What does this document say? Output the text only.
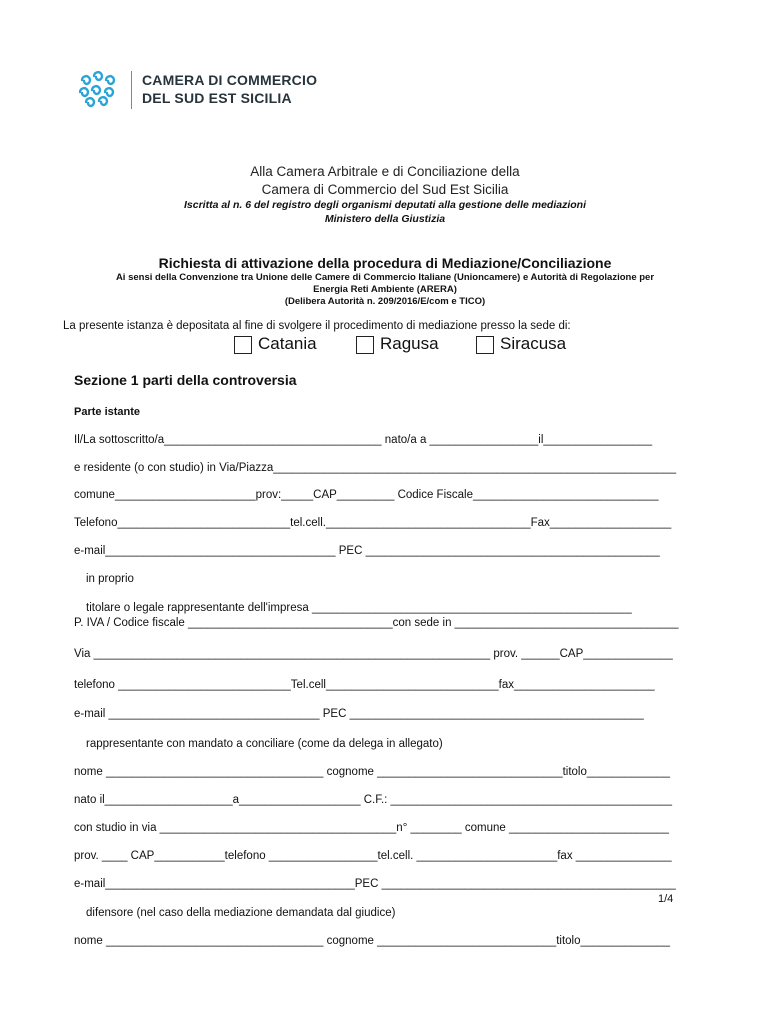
CAMERA DI COMMERCIO
DEL SUD EST SICILIA
Alla Camera Arbitrale e di Conciliazione della
Camera di Commercio del Sud Est Sicilia
Iscritta al n. 6 del registro degli organismi deputati alla gestione delle mediazioni
Ministero della Giustizia
Richiesta di attivazione della procedura di Mediazione/Conciliazione
Ai sensi della Convenzione tra Unione delle Camere di Commercio Italiane (Unioncamere) e Autorità di Regolazione per
Energia Reti Ambiente (ARERA)
(Delibera Autorità n. 209/2016/E/com e TICO)
La presente istanza è depositata al fine di svolgere il procedimento di mediazione presso la sede di:
Catania	Ragusa	Siracusa
Sezione 1 parti della controversia
Parte istante
Il/La sottoscritto/a__________________________________ nato/a a _________________il_________________
e residente (o con studio) in Via/Piazza_______________________________________________________________
comune______________________prov:_____CAP_________ Codice Fiscale_____________________________
Telefono___________________________tel.cell.________________________________Fax___________________
e-mail____________________________________ PEC ______________________________________________
in proprio
titolare o legale rappresentante dell'impresa __________________________________________________
P. IVA / Codice fiscale ________________________________con sede in ___________________________________
Via ______________________________________________________________ prov. ______CAP______________
telefono ___________________________Tel.cell___________________________fax______________________
e-mail _________________________________ PEC ______________________________________________
rappresentante con mandato a conciliare (come da delega in allegato)
nome __________________________________ cognome _____________________________titolo_____________
nato il____________________a___________________ C.F.: ____________________________________________
con studio in via _____________________________________n° ________ comune _________________________
prov. ____ CAP___________telefono _________________tel.cell. ______________________fax _______________
e-mail_______________________________________PEC ______________________________________________
1/4
difensore (nel caso della mediazione demandata dal giudice)
nome __________________________________ cognome ____________________________titolo______________
